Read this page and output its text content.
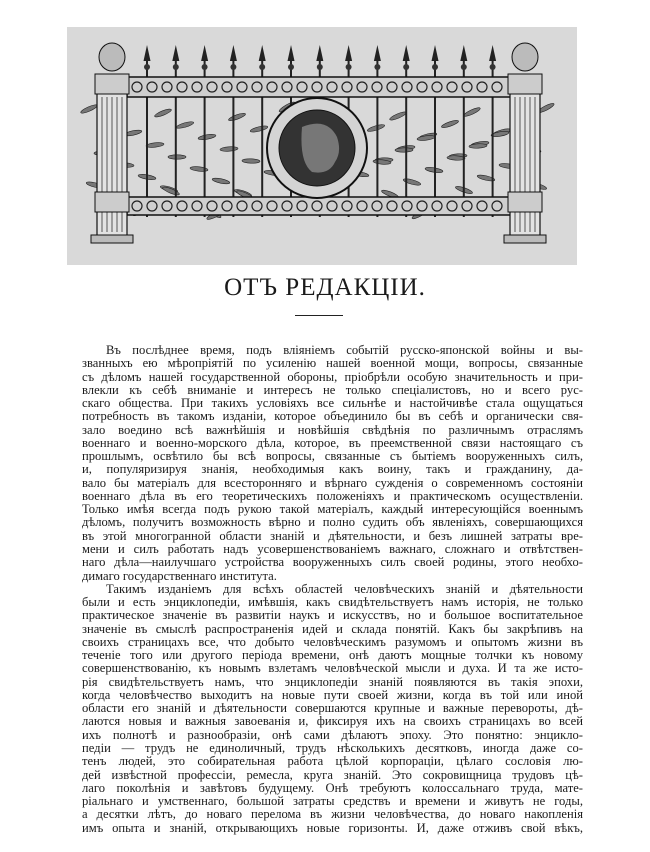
ОТЪ РЕДАКЦІИ.
Въ послѣднее время, подъ вліяніемъ событій русско-японской войны и вы-
званныхъ ею мѣропріятій по усиленію нашей военной мощи, вопросы, связанные
съ дѣломъ нашей государственной обороны, пріобрѣли особую значительность и при-
влекли къ себѣ вниманіе и интересъ не только спеціалистовъ, но и всего рус-
скаго общества. При такихъ условіяхъ все сильнѣе и настойчивѣе стала ощущаться
потребность въ такомъ изданіи, которое объединило бы въ себѣ и органически свя-
зало воедино всѣ важнѣйшія и новѣйшія свѣдѣнія по различнымъ отраслямъ
военнаго и военно-морского дѣла, которое, въ преемственной связи настоящаго съ
прошлымъ, освѣтило бы всѣ вопросы, связанные съ бытіемъ вооруженныхъ силъ,
и, популяризируя знанія, необходимыя какъ воину, такъ и гражданину, да-
вало бы матеріалъ для всесторонняго и вѣрнаго сужденія о современномъ состояніи
военнаго дѣла въ его теоретическихъ положеніяхъ и практическомъ осуществленіи.
Только имѣя всегда подъ рукою такой матеріалъ, каждый интересующійся военнымъ
дѣломъ, получитъ возможность вѣрно и полно судить объ явленіяхъ, совершающихся
въ этой многогранной области знаній и дѣятельности, и безъ лишней затраты вре-
мени и силъ работать надъ усовершенствованіемъ важнаго, сложнаго и отвѣтствен-
наго дѣла—наилучшаго устройства вооруженныхъ силъ своей родины, этого необхо-
димаго государственнаго института.
Такимъ изданіемъ для всѣхъ областей человѣческихъ знаній и дѣятельности
были и есть энциклопедіи, имѣвшія, какъ свидѣтельствуетъ намъ исторія, не только
практическое значеніе въ развитіи наукъ и искусствъ, но и большое воспитательное
значеніе въ смыслѣ распространенія идей и склада понятій. Какъ бы закрѣпивъ на
своихъ страницахъ все, что добыто человѣческимъ разумомъ и опытомъ жизни въ
теченіе того или другого періода времени, онѣ даютъ мощные толчки къ новому
совершенствованію, къ новымъ взлетамъ человѣческой мысли и духа. И та же исто-
рія свидѣтельствуетъ намъ, что энциклопедіи знаній появляются въ такія эпохи,
когда человѣчество выходитъ на новые пути своей жизни, когда въ той или иной
области его знаній и дѣятельности совершаются крупные и важные перевороты, дѣ-
лаются новыя и важныя завоеванія и, фиксируя ихъ на своихъ страницахъ во всей
ихъ полнотѣ и разнообразіи, онѣ сами дѣлаютъ эпоху. Это понятно: энцикло-
педіи — трудъ не единоличный, трудъ нѣсколькихъ десятковъ, иногда даже со-
тенъ людей, это собирательная работа цѣлой корпораціи, цѣлаго сословія лю-
дей извѣстной профессіи, ремесла, круга знаній. Это сокровищница трудовъ цѣ-
лаго поколѣнія и завѣтовъ будущему. Онѣ требуютъ колоссальнаго труда, мате-
ріальнаго и умственнаго, большой затраты средствъ и времени и живутъ не годы,
а десятки лѣтъ, до новаго перелома въ жизни человѣчества, до новаго накопленія
имъ опыта и знаній, открывающихъ новые горизонты. И, даже отживъ свой вѣкъ,
